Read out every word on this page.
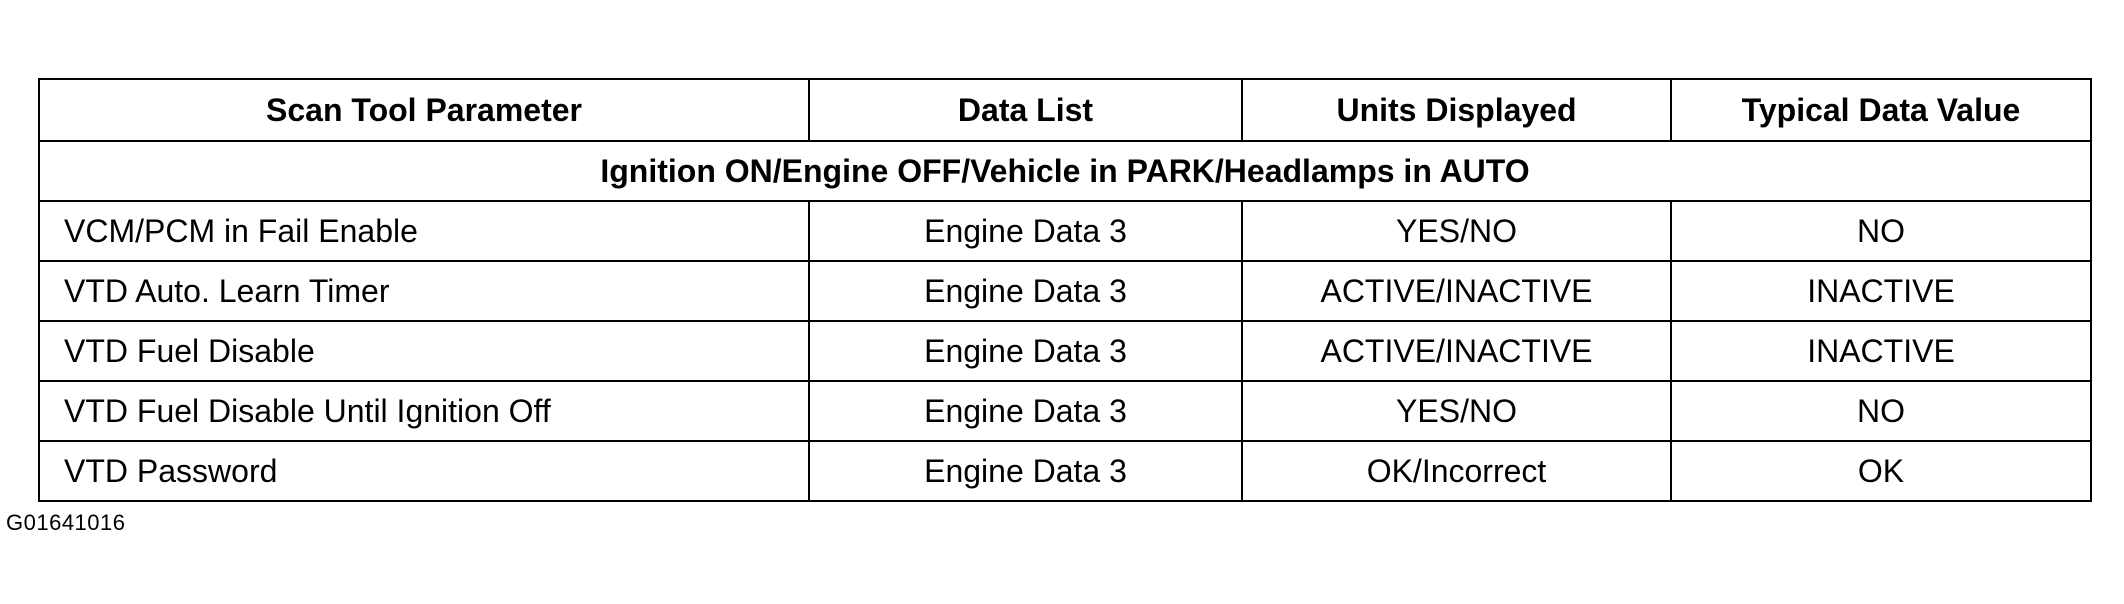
Scan Tool Parameter	Data List	Units Displayed	Typical Data Value
Ignition ON/Engine OFF/Vehicle in PARK/Headlamps in AUTO			
VCM/PCM in Fail Enable	Engine Data 3	YES/NO	NO
VTD Auto. Learn Timer	Engine Data 3	ACTIVE/INACTIVE	INACTIVE
VTD Fuel Disable	Engine Data 3	ACTIVE/INACTIVE	INACTIVE
VTD Fuel Disable Until Ignition Off	Engine Data 3	YES/NO	NO
VTD Password	Engine Data 3	OK/Incorrect	OK
G01641016
